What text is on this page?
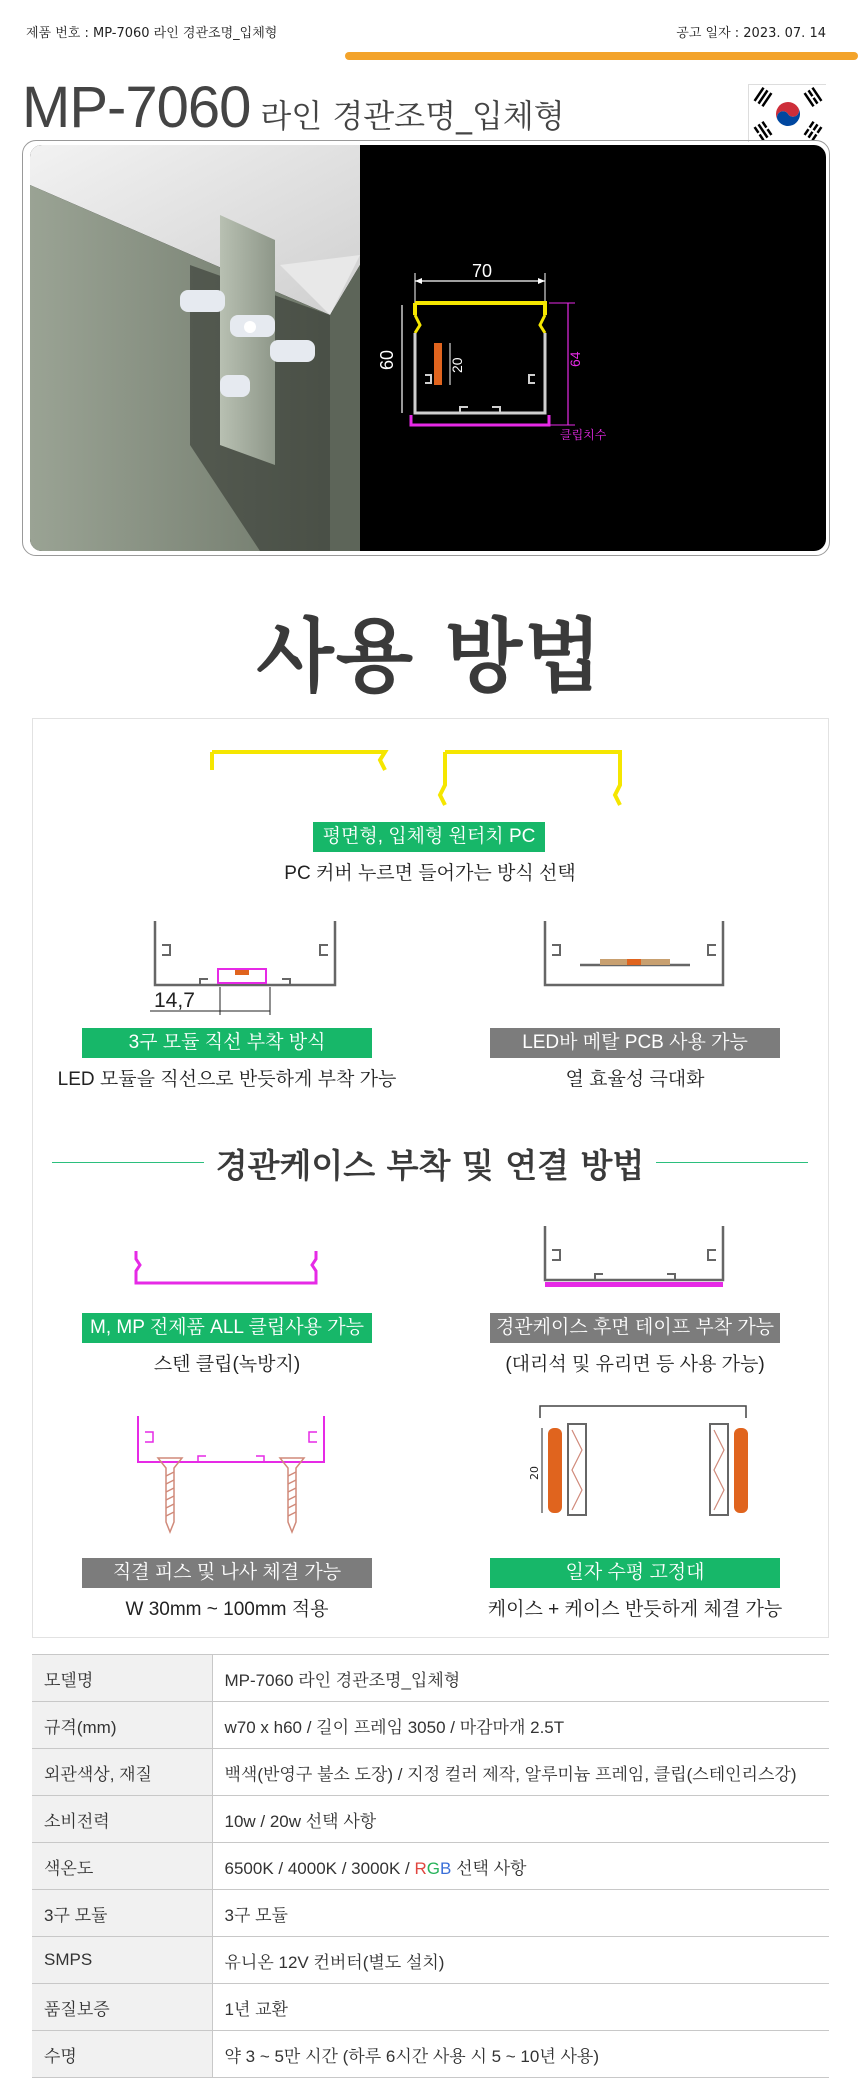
제품 번호 : MP-7060 라인 경관조명_입체형	공고 일자 : 2023. 07. 14
MP-7060 라인 경관조명_입체형
70
60	20	64
클립치수
사용 방법
평면형, 입체형 원터치 PC
PC 커버 누르면 들어가는 방식 선택
14,7
3구 모듈 직선 부착 방식
LED 모듈을 직선으로 반듯하게 부착 가능
LED바 메탈 PCB 사용 가능
열 효율성 극대화
경관케이스 부착 및 연결 방법
M, MP 전제품 ALL 클립사용 가능
스텐 클립(녹방지)
경관케이스 후면 테이프 부착 가능
(대리석 및 유리면 등 사용 가능)
직결 피스 및 나사 체결 가능
W 30mm ~ 100mm 적용
20
일자 수평 고정대
케이스 + 케이스 반듯하게 체결 가능
모델명	MP-7060 라인 경관조명_입체형
규격(mm)	w70 x h60 / 길이 프레임 3050 / 마감마개 2.5T
외관색상, 재질	백색(반영구 불소 도장) / 지정 컬러 제작, 알루미늄 프레임, 클립(스테인리스강)
소비전력	10w / 20w 선택 사항
색온도	6500K / 4000K / 3000K / RGB 선택 사항
3구 모듈	3구 모듈
SMPS	유니온 12V 컨버터(별도 설치)
품질보증	1년 교환
수명	약 3 ~ 5만 시간 (하루 6시간 사용 시 5 ~ 10년 사용)
